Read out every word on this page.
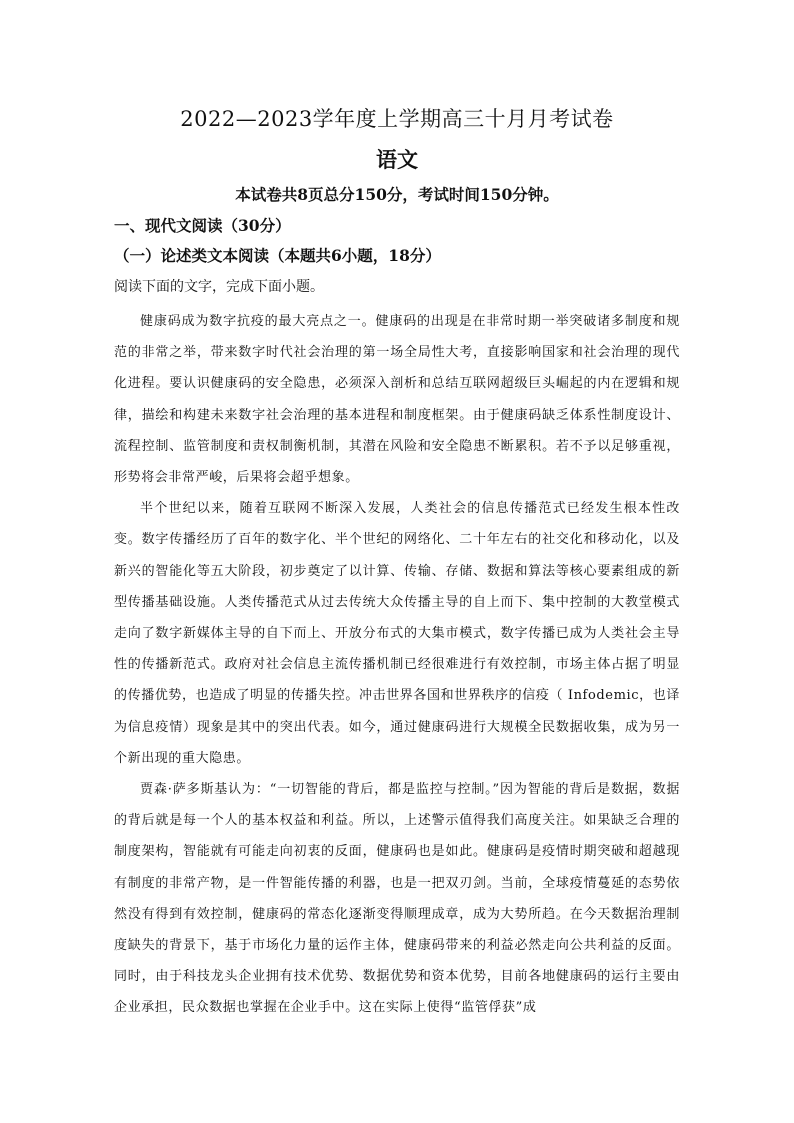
2022—2023学年度上学期高三十月月考试卷
语文
本试卷共8页总分150分，考试时间150分钟。
一、现代文阅读（30分）
（一）论述类文本阅读（本题共6小题，18分）
阅读下面的文字，完成下面小题。

健康码成为数字抗疫的最大亮点之一。健康码的出现是在非常时期一举突破诸多制度和规范的非常之举，带来数字时代社会治理的第一场全局性大考，直接影响国家和社会治理的现代化进程。要认识健康码的安全隐患，必须深入剖析和总结互联网超级巨头崛起的内在逻辑和规律，描绘和构建未来数字社会治理的基本进程和制度框架。由于健康码缺乏体系性制度设计、流程控制、监管制度和责权制衡机制，其潜在风险和安全隐患不断累积。若不予以足够重视，形势将会非常严峻，后果将会超乎想象。

半个世纪以来，随着互联网不断深入发展，人类社会的信息传播范式已经发生根本性改变。数字传播经历了百年的数字化、半个世纪的网络化、二十年左右的社交化和移动化，以及新兴的智能化等五大阶段，初步奠定了以计算、传输、存储、数据和算法等核心要素组成的新型传播基础设施。人类传播范式从过去传统大众传播主导的自上而下、集中控制的大教堂模式走向了数字新媒体主导的自下而上、开放分布式的大集市模式，数字传播已成为人类社会主导性的传播新范式。政府对社会信息主流传播机制已经很难进行有效控制，市场主体占据了明显的传播优势，也造成了明显的传播失控。冲击世界各国和世界秩序的信疫（ Infodemic，也译为信息疫情）现象是其中的突出代表。如今，通过健康码进行大规模全民数据收集，成为另一个新出现的重大隐患。

贾森·萨多斯基认为：“一切智能的背后，都是监控与控制。”因为智能的背后是数据，数据的背后就是每一个人的基本权益和利益。所以，上述警示值得我们高度关注。如果缺乏合理的制度架构，智能就有可能走向初衷的反面，健康码也是如此。健康码是疫情时期突破和超越现有制度的非常产物，是一件智能传播的利器，也是一把双刃剑。当前，全球疫情蔓延的态势依然没有得到有效控制，健康码的常态化逐渐变得顺理成章，成为大势所趋。在今天数据治理制度缺失的背景下，基于市场化力量的运作主体，健康码带来的利益必然走向公共利益的反面。同时，由于科技龙头企业拥有技术优势、数据优势和资本优势，目前各地健康码的运行主要由企业承担，民众数据也掌握在企业手中。这在实际上使得“监管俘获”成
